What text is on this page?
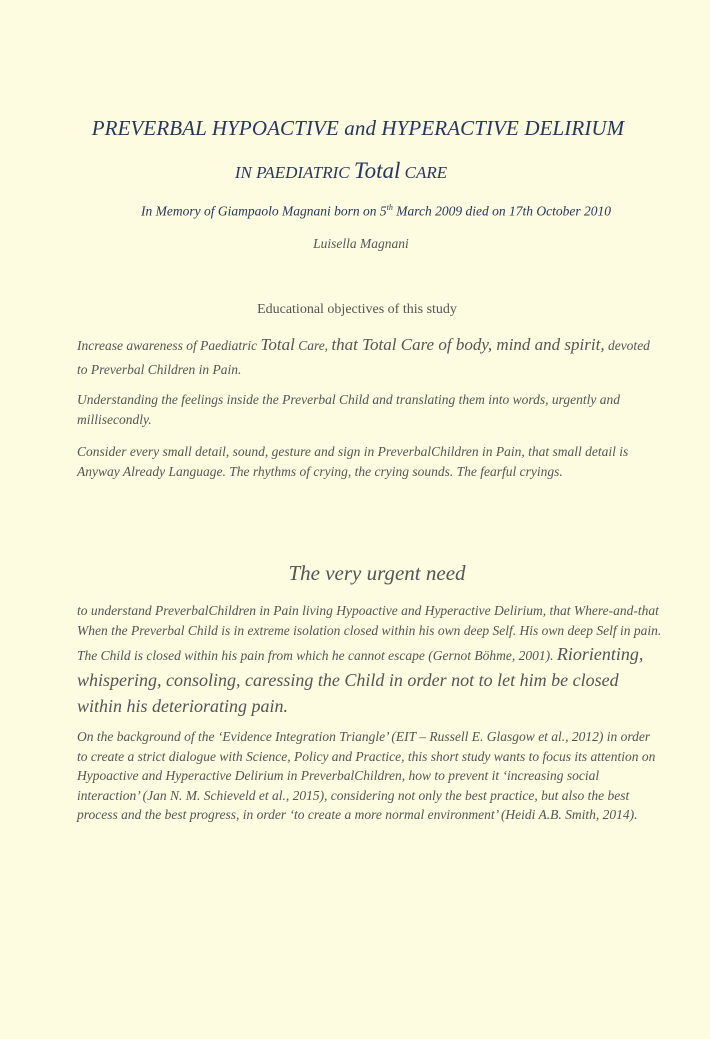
PREVERBAL HYPOACTIVE and HYPERACTIVE DELIRIUM
IN PAEDIATRIC Total CARE
In Memory of Giampaolo Magnani born on 5th March 2009 died on 17th October 2010
Luisella Magnani
Educational objectives of this study
Increase awareness of Paediatric Total Care, that Total Care of body, mind and spirit, devoted to Preverbal Children in Pain.
Understanding the feelings inside the Preverbal Child and translating them into words, urgently and millisecondly.
Consider every small detail, sound, gesture and sign in PreverbalChildren in Pain, that small detail is Anyway Already Language. The rhythms of crying, the crying sounds. The fearful cryings.
The very urgent need
to understand PreverbalChildren in Pain living Hypoactive and Hyperactive Delirium, that Where-and-that When the Preverbal Child is in extreme isolation closed within his own deep Self. His own deep Self in pain. The Child is closed within his pain from which he cannot escape (Gernot Böhme, 2001). Riorienting, whispering, consoling, caressing the Child in order not to let him be closed within his deteriorating pain.
On the background of the ‘Evidence Integration Triangle’ (EIT – Russell E. Glasgow et al., 2012) in order to create a strict dialogue with Science, Policy and Practice, this short study wants to focus its attention on Hypoactive and Hyperactive Delirium in PreverbalChildren, how to prevent it ‘increasing social interaction’ (Jan N. M. Schieveld et al., 2015), considering not only the best practice, but also the best process and the best progress, in order ‘to create a more normal environment’ (Heidi A.B. Smith, 2014).
